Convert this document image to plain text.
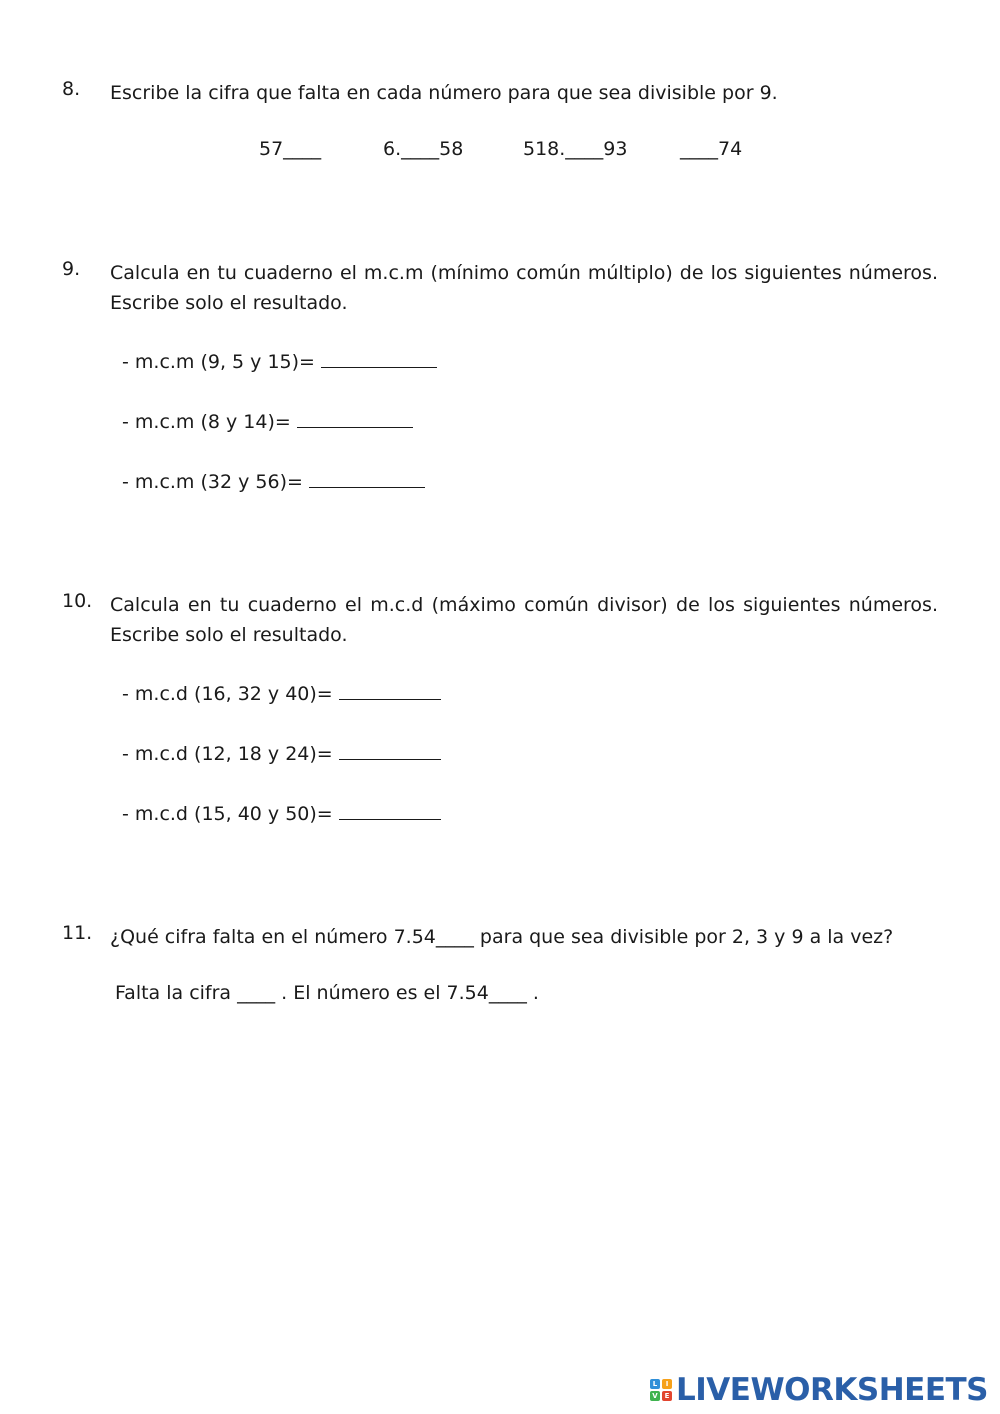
8. Escribe la cifra que falta en cada número para que sea divisible por 9.
57____	6.____58	518.____93	____74
9. Calcula en tu cuaderno el m.c.m (mínimo común múltiplo) de los siguientes números. Escribe solo el resultado.
- m.c.m (9, 5 y 15)=
- m.c.m (8 y 14)=
- m.c.m (32 y 56)=
10. Calcula en tu cuaderno el m.c.d (máximo común divisor) de los siguientes números. Escribe solo el resultado.
- m.c.d (16, 32 y 40)=
- m.c.d (12, 18 y 24)=
- m.c.d (15, 40 y 50)=
11. ¿Qué cifra falta en el número 7.54____ para que sea divisible por 2, 3 y 9 a la vez?
Falta la cifra ____ . El número es el 7.54____ .
L	I
V E LIVEWORKSHEETS
